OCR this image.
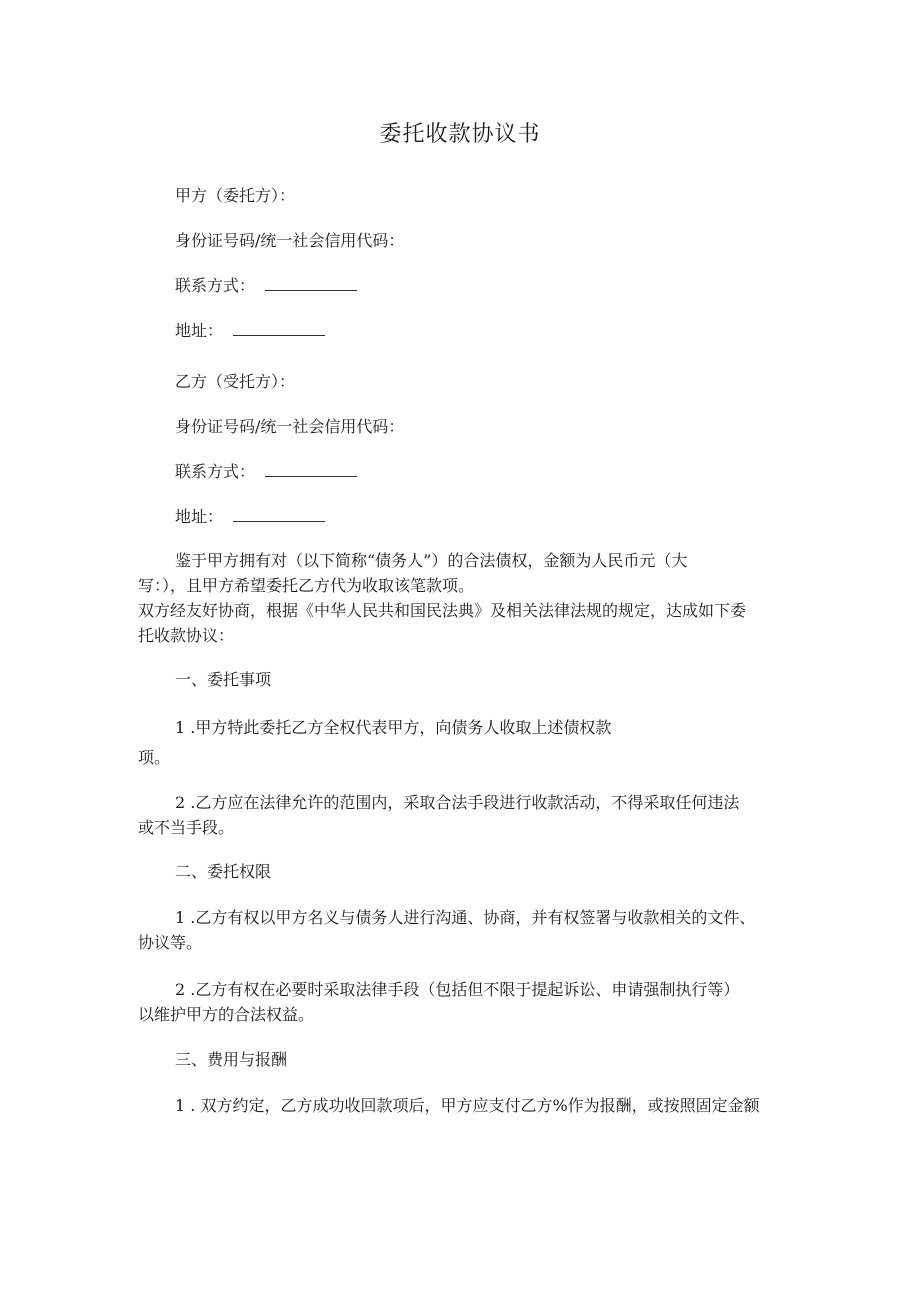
委托收款协议书
甲方（委托方）：
身份证号码/统一社会信用代码：
联系方式：
地址：
乙方（受托方）：
身份证号码/统一社会信用代码：
联系方式：
地址：
鉴于甲方拥有对（以下简称“债务人”）的合法债权，金额为人民币元（大
写：），且甲方希望委托乙方代为收取该笔款项。
双方经友好协商，根据《中华人民共和国民法典》及相关法律法规的规定，达成如下委
托收款协议：
一、委托事项
1 .甲方特此委托乙方全权代表甲方，向债务人收取上述债权款
项。
2 .乙方应在法律允许的范围内，采取合法手段进行收款活动，不得采取任何违法
或不当手段。
二、委托权限
1 .乙方有权以甲方名义与债务人进行沟通、协商，并有权签署与收款相关的文件、
协议等。
2 .乙方有权在必要时采取法律手段（包括但不限于提起诉讼、申请强制执行等）
以维护甲方的合法权益。
三、费用与报酬
1 . 双方约定，乙方成功收回款项后，甲方应支付乙方%作为报酬，或按照固定金额
